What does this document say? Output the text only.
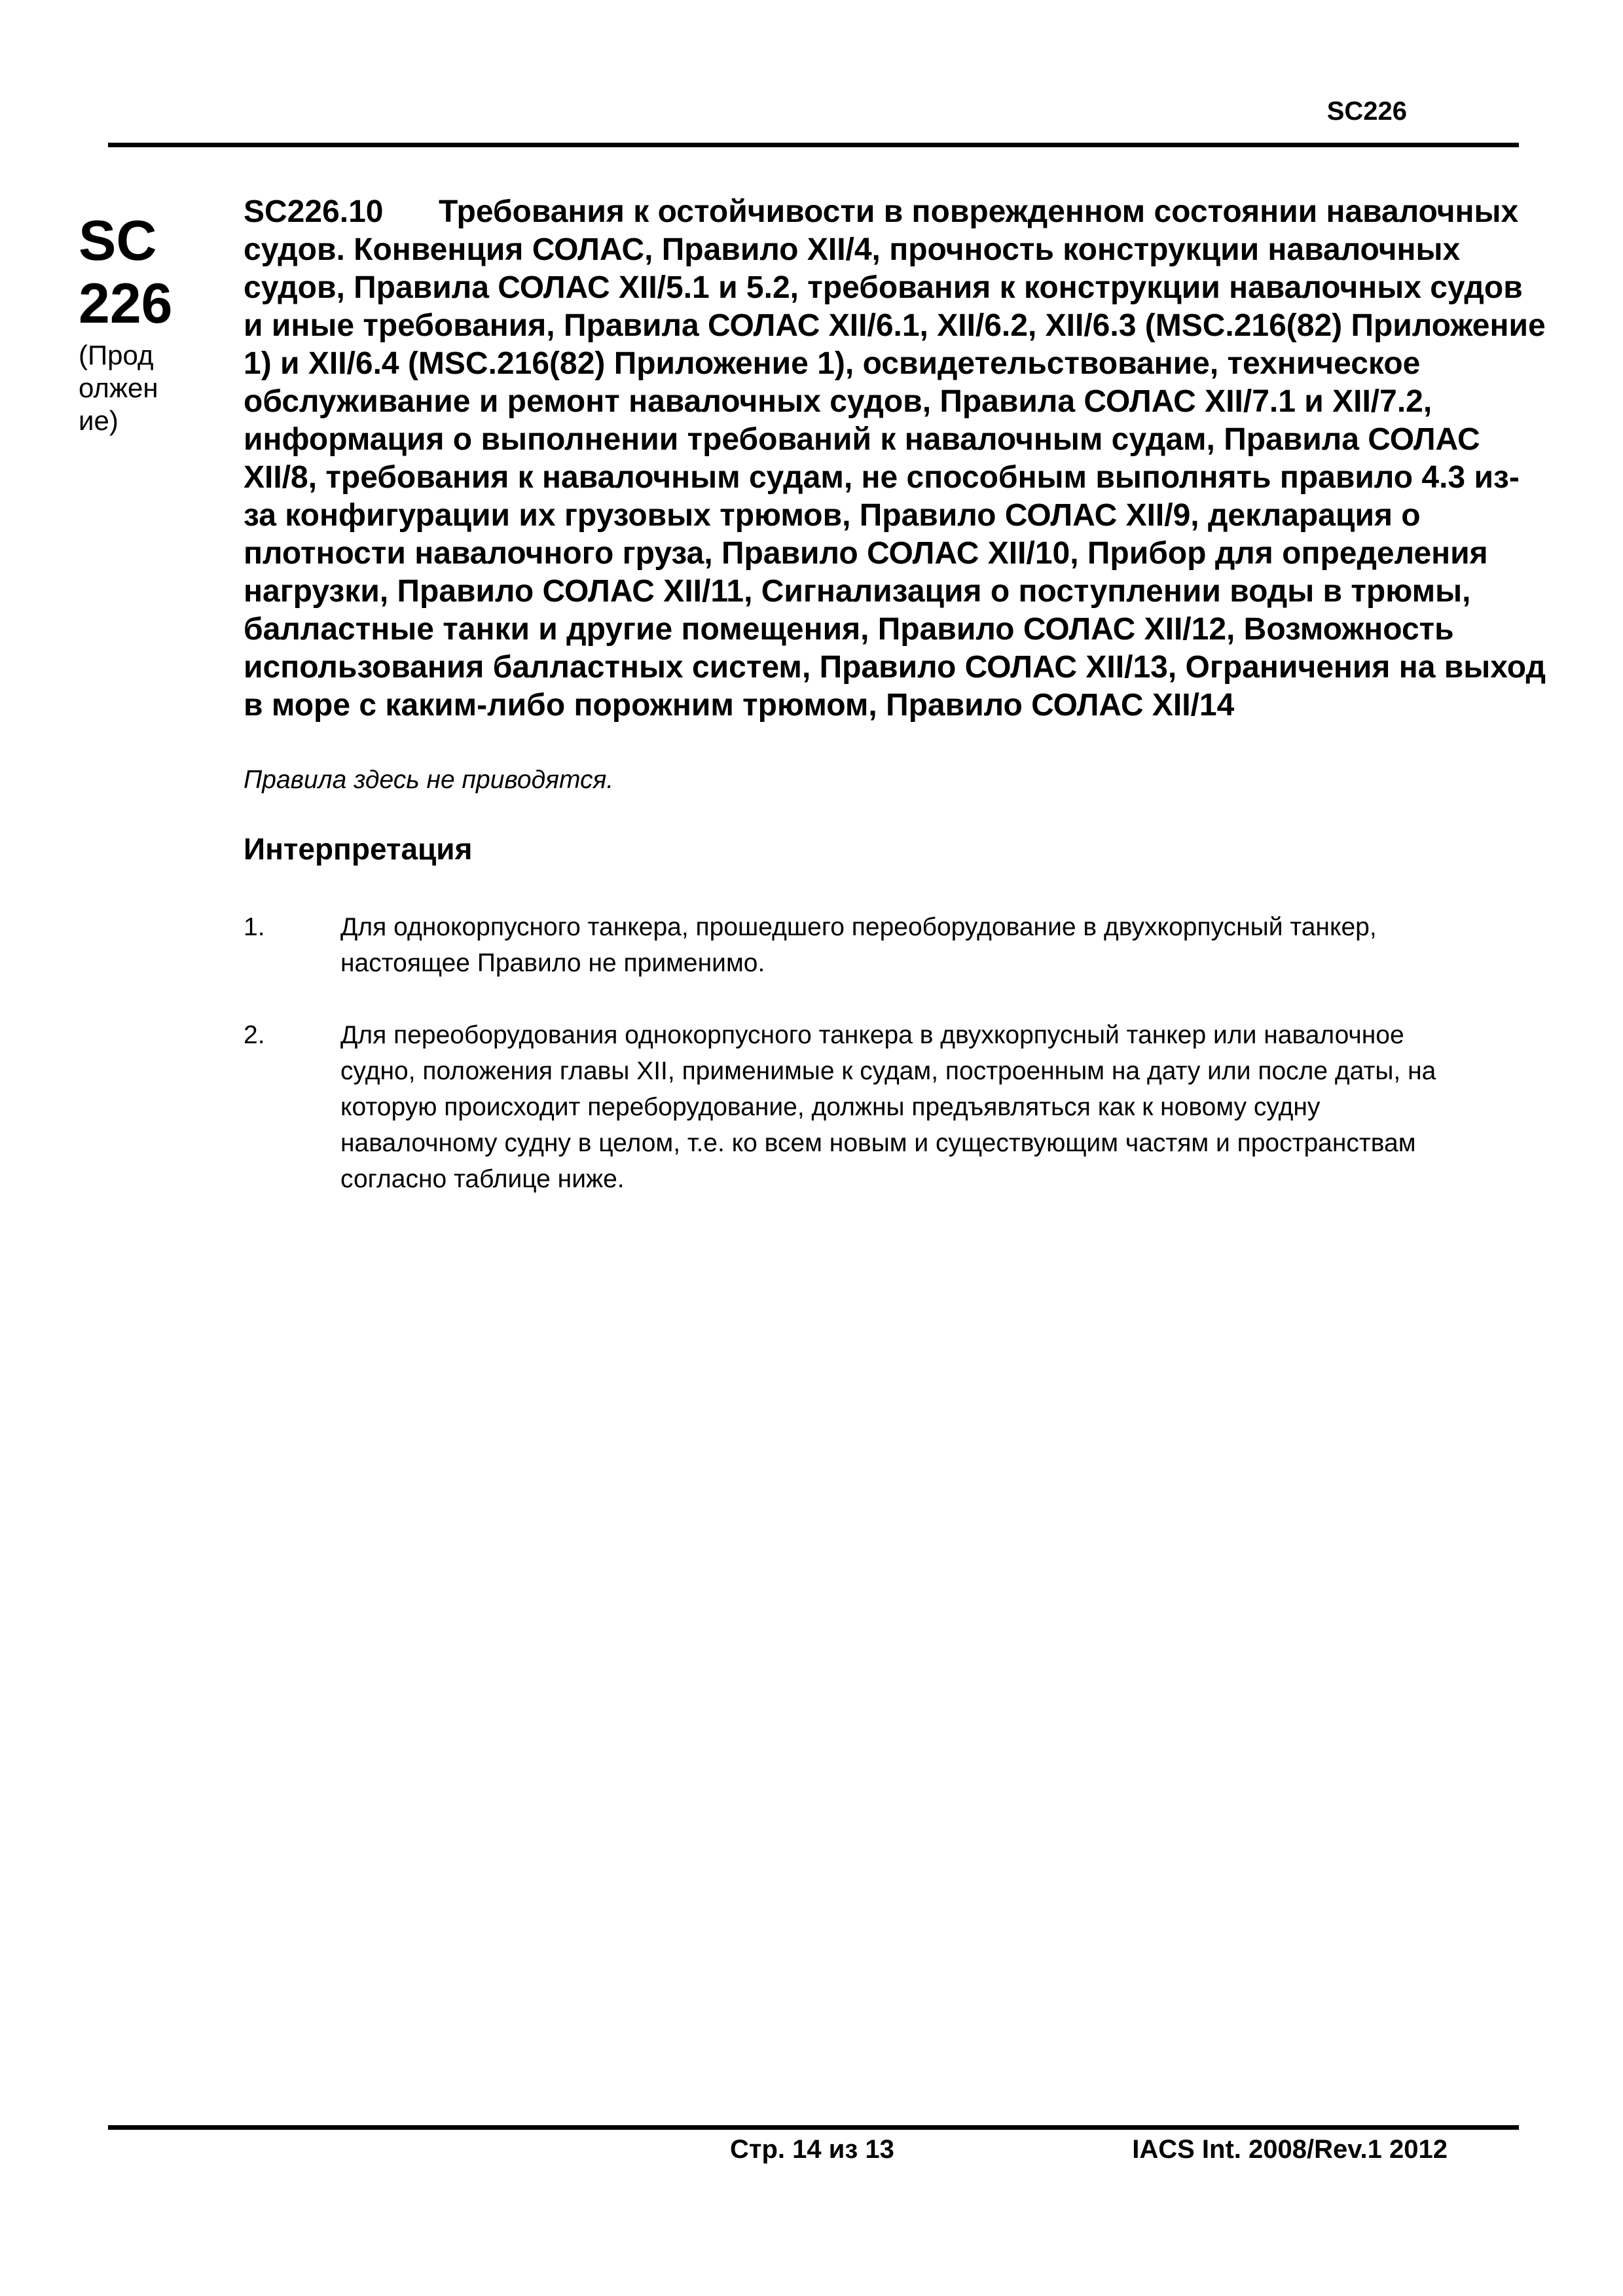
SC226
SC
226
(Прод
олжен
ие)

SC226.10 Требования к остойчивости в поврежденном состоянии навалочных судов. Конвенция СОЛАС, Правило XII/4, прочность конструкции навалочных судов, Правила СОЛАС XII/5.1 и 5.2, требования к конструкции навалочных судов и иные требования, Правила СОЛАС XII/6.1, XII/6.2, XII/6.3 (MSC.216(82) Приложение 1) и XII/6.4 (MSC.216(82) Приложение 1), освидетельствование, техническое обслуживание и ремонт навалочных судов, Правила СОЛАС XII/7.1 и XII/7.2, информация о выполнении требований к навалочным судам, Правила СОЛАС XII/8, требования к навалочным судам, не способным выполнять правило 4.3 из-за конфигурации их грузовых трюмов, Правило СОЛАС XII/9, декларация о плотности навалочного груза, Правило СОЛАС XII/10, Прибор для определения нагрузки, Правило СОЛАС XII/11, Сигнализация о поступлении воды в трюмы, балластные танки и другие помещения, Правило СОЛАС XII/12, Возможность использования балластных систем, Правило СОЛАС XII/13, Ограничения на выход в море с каким-либо порожним трюмом, Правило СОЛАС XII/14

Правила здесь не приводятся.

Интерпретация

1.	Для однокорпусного танкера, прошедшего переоборудование в двухкорпусный танкер, настоящее Правило не применимо.
2.	Для переоборудования однокорпусного танкера в двухкорпусный танкер или навалочное судно, положения главы XII, применимые к судам, построенным на дату или после даты, на которую происходит переборудование, должны предъявляться как к новому судну навалочному судну в целом, т.е. ко всем новым и существующим частям и пространствам согласно таблице ниже.
Стр. 14 из 13	IACS Int. 2008/Rev.1 2012
